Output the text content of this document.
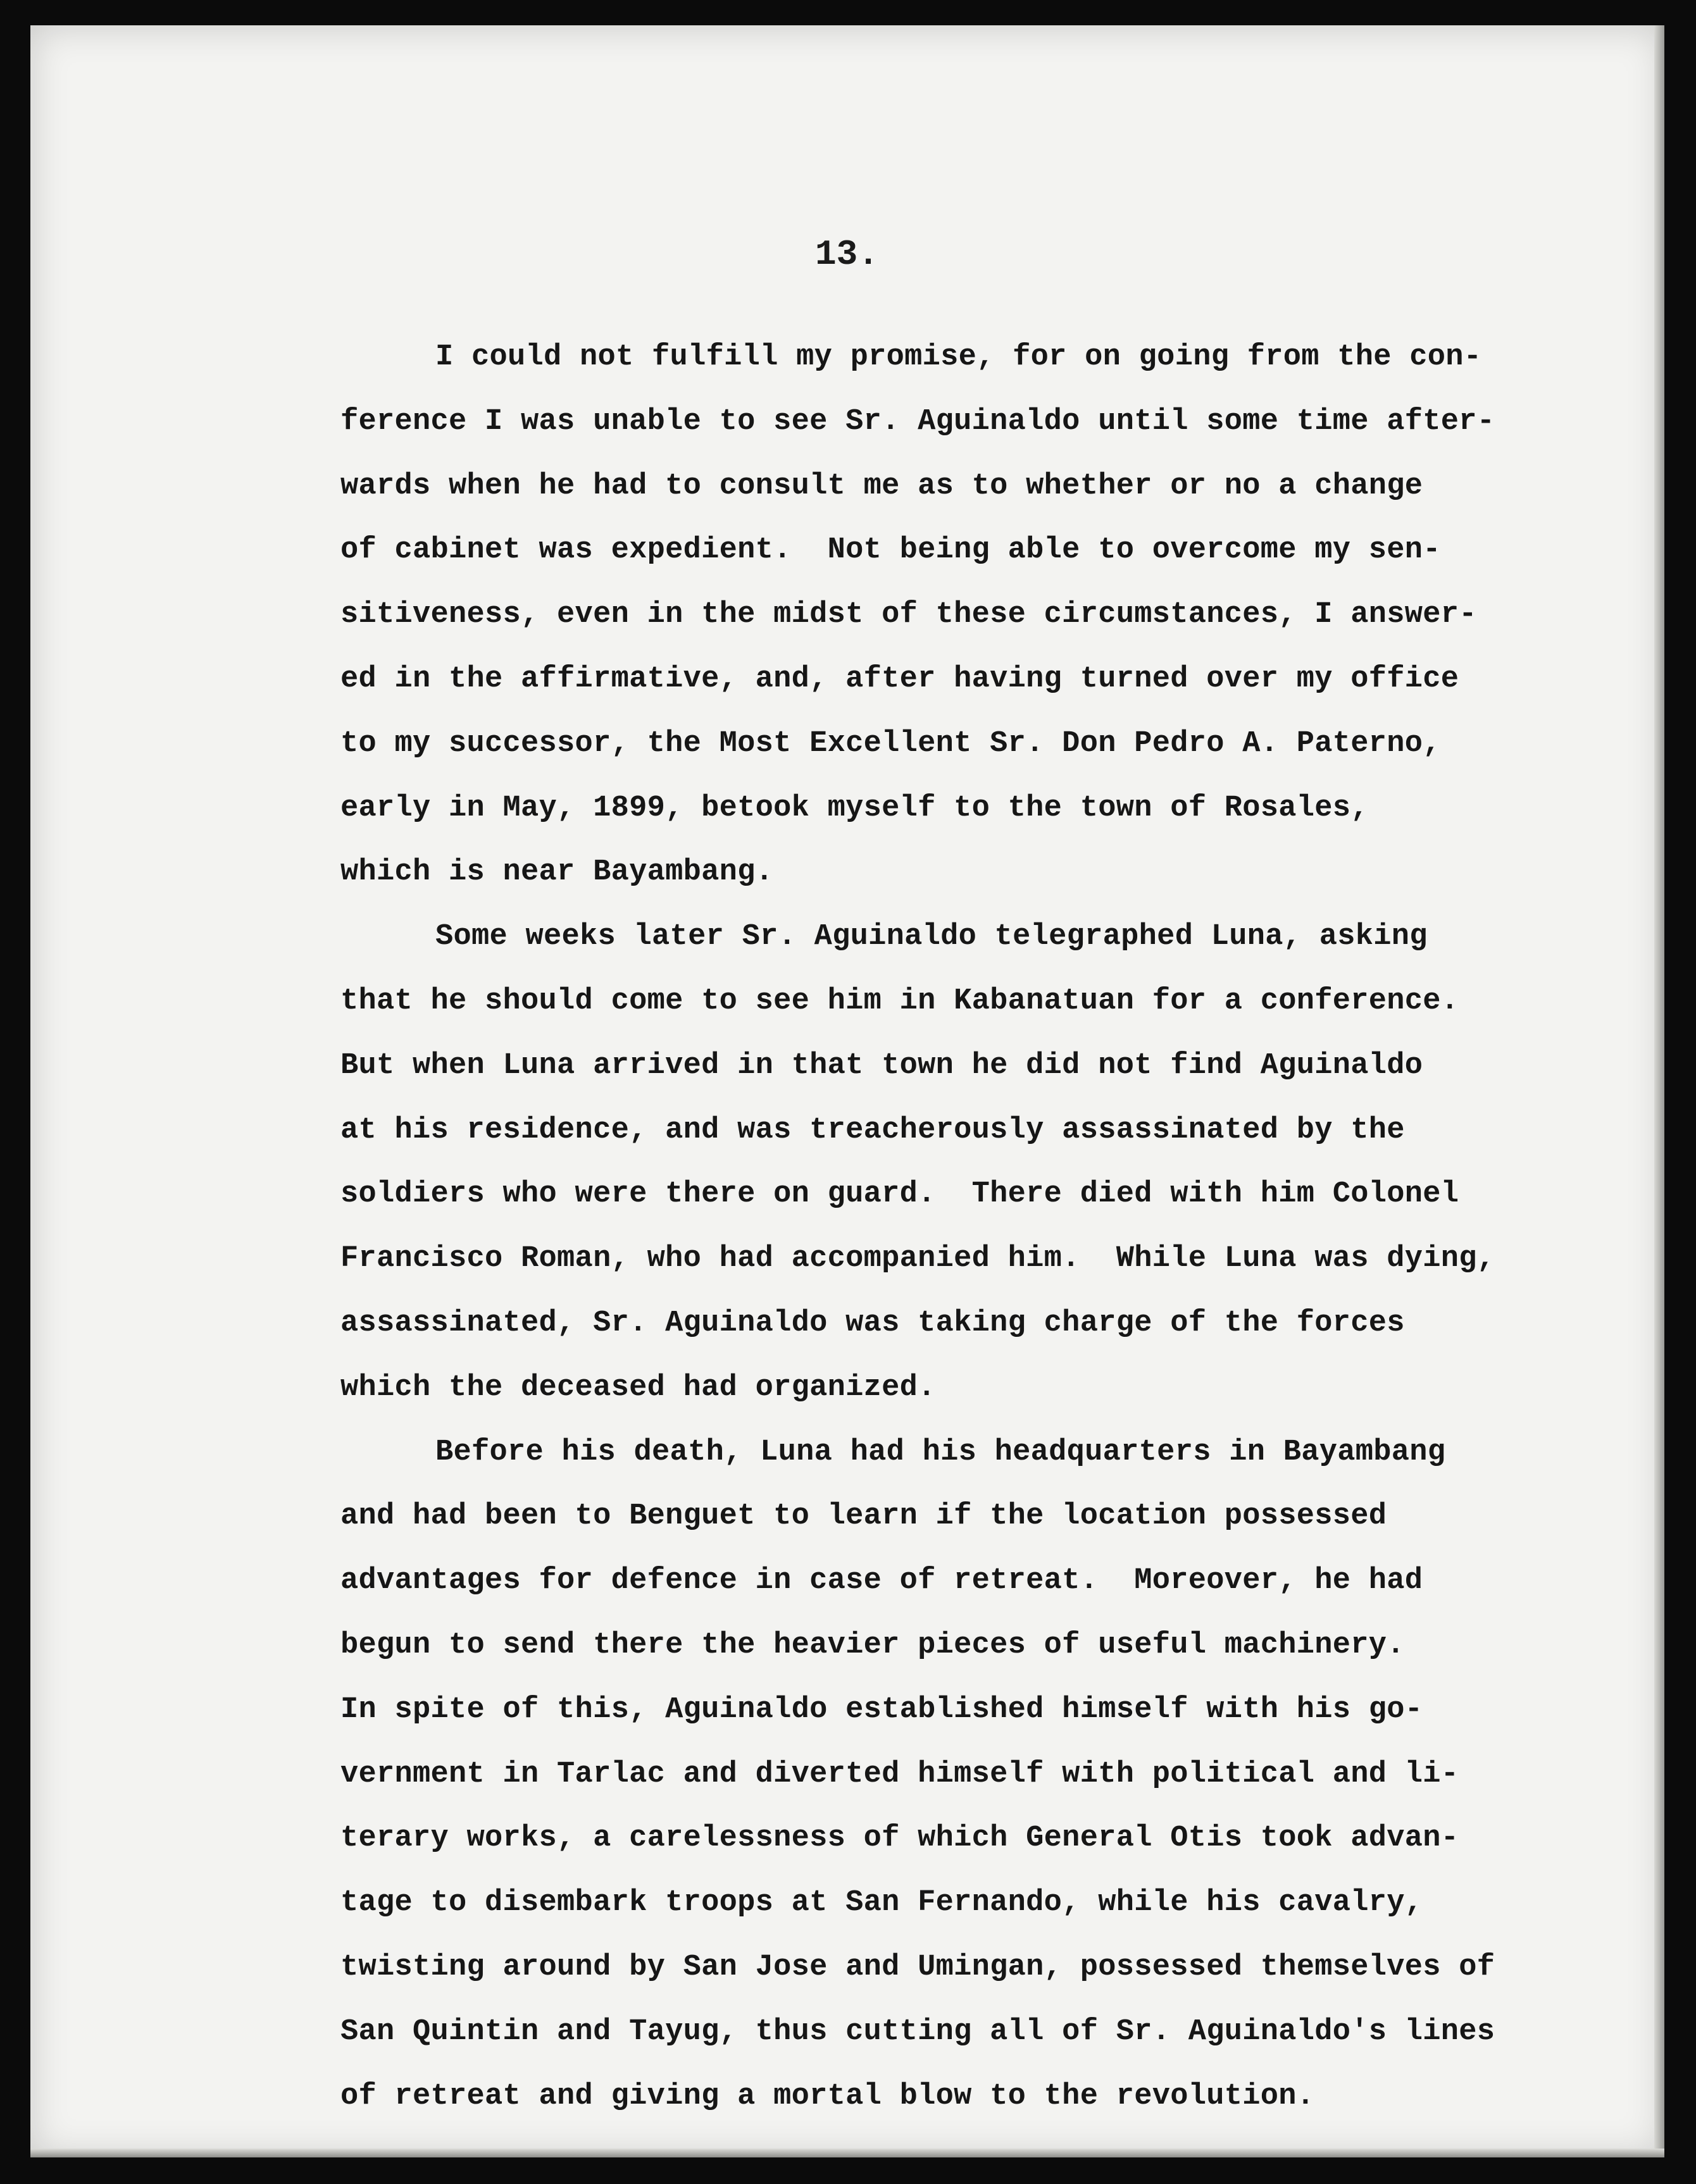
13.
I could not fulfill my promise, for on going from the con-
ference I was unable to see Sr. Aguinaldo until some time after-
wards when he had to consult me as to whether or no a change
of cabinet was expedient.  Not being able to overcome my sen-
sitiveness, even in the midst of these circumstances, I answer-
ed in the affirmative, and, after having turned over my office
to my successor, the Most Excellent Sr. Don Pedro A. Paterno,
early in May, 1899, betook myself to the town of Rosales,
which is near Bayambang.
Some weeks later Sr. Aguinaldo telegraphed Luna, asking
that he should come to see him in Kabanatuan for a conference.
But when Luna arrived in that town he did not find Aguinaldo
at his residence, and was treacherously assassinated by the
soldiers who were there on guard.  There died with him Colonel
Francisco Roman, who had accompanied him.  While Luna was dying,
assassinated, Sr. Aguinaldo was taking charge of the forces
which the deceased had organized.
Before his death, Luna had his headquarters in Bayambang
and had been to Benguet to learn if the location possessed
advantages for defence in case of retreat.  Moreover, he had
begun to send there the heavier pieces of useful machinery.
In spite of this, Aguinaldo established himself with his go-
vernment in Tarlac and diverted himself with political and li-
terary works, a carelessness of which General Otis took advan-
tage to disembark troops at San Fernando, while his cavalry,
twisting around by San Jose and Umingan, possessed themselves of
San Quintin and Tayug, thus cutting all of Sr. Aguinaldo's lines
of retreat and giving a mortal blow to the revolution.
